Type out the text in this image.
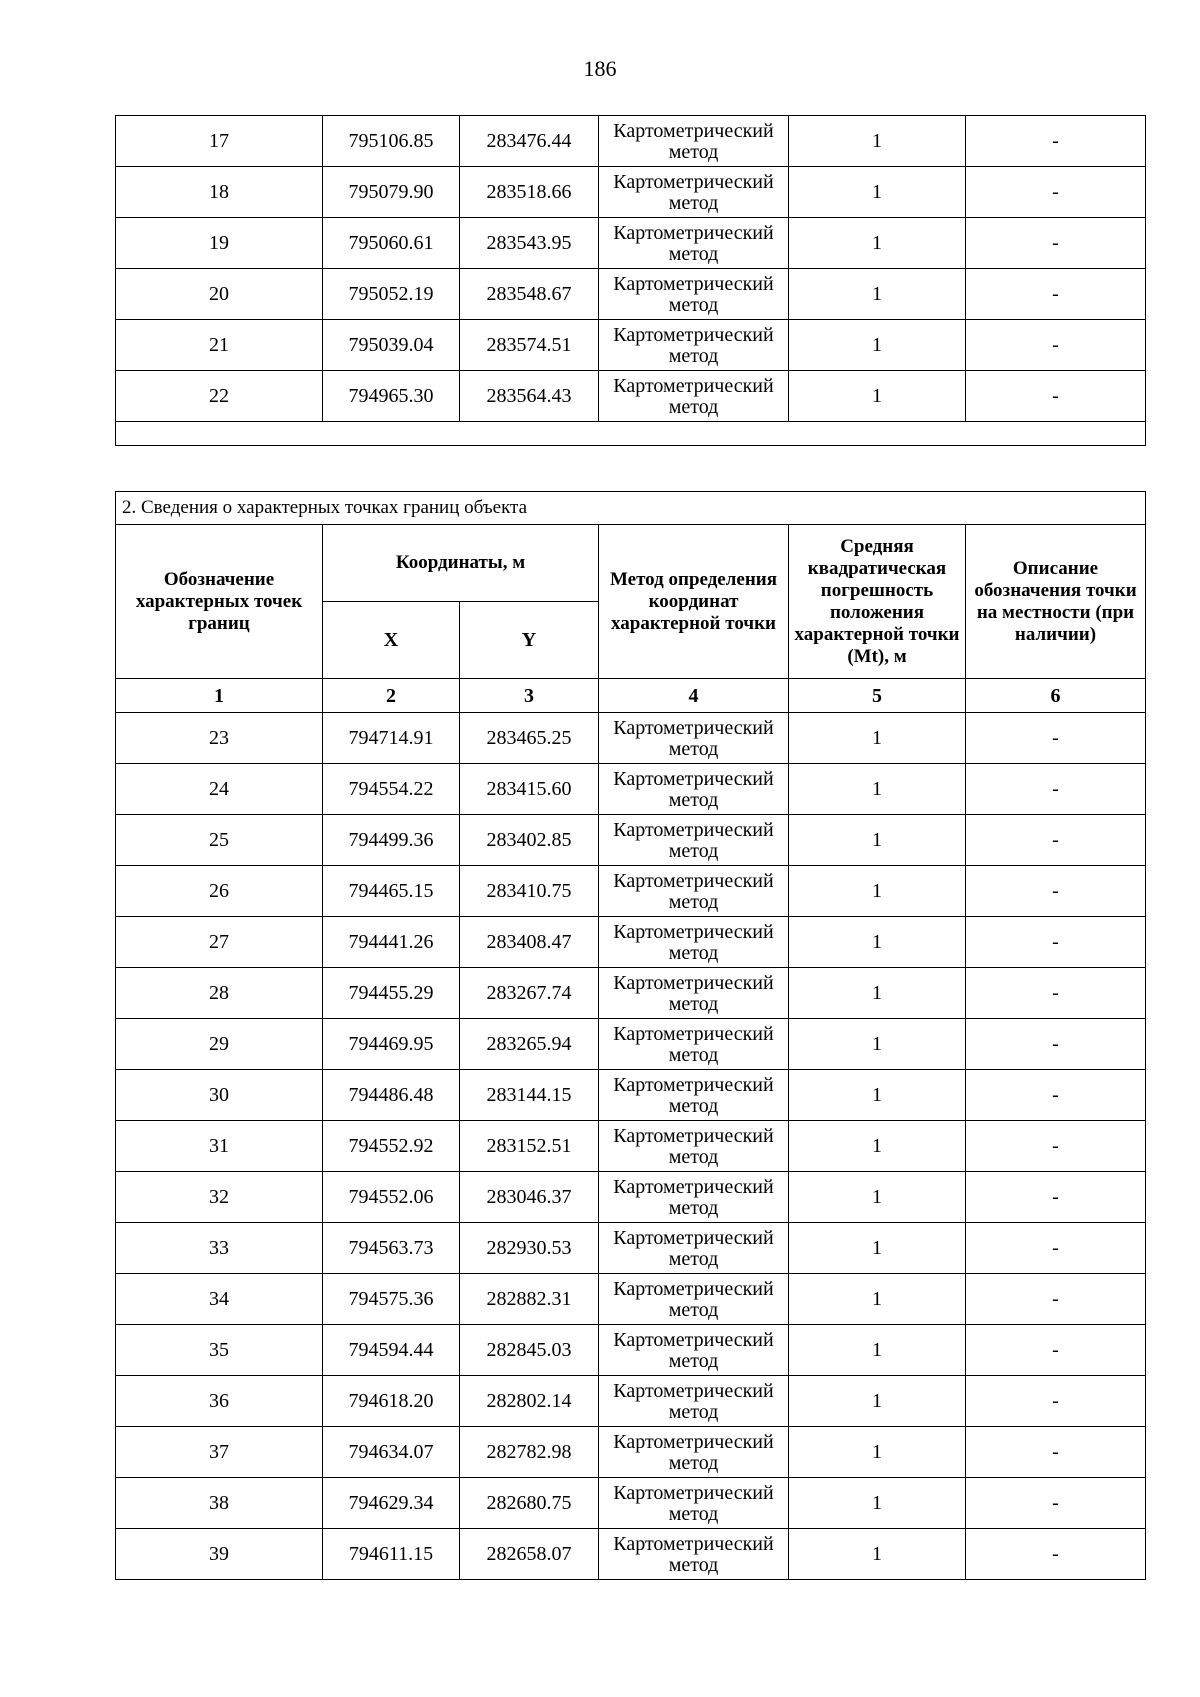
186
17	795106.85	283476.44	Картометрический метод	1	-
18	795079.90	283518.66	Картометрический метод	1	-
19	795060.61	283543.95	Картометрический метод	1	-
20	795052.19	283548.67	Картометрический метод	1	-
21	795039.04	283574.51	Картометрический метод	1	-
22	794965.30	283564.43	Картометрический метод	1	-

2. Сведения о характерных точках границ объекта					
Обозначение характерных точек границ	Координаты, м		Метод определения координат характерной точки	Средняя квадратическая погрешность положения характерной точки (Mt), м	Описание обозначения точки на местности (при наличии)
	X	Y			
1	2	3	4	5	6
23	794714.91	283465.25	Картометрический метод	1	-
24	794554.22	283415.60	Картометрический метод	1	-
25	794499.36	283402.85	Картометрический метод	1	-
26	794465.15	283410.75	Картометрический метод	1	-
27	794441.26	283408.47	Картометрический метод	1	-
28	794455.29	283267.74	Картометрический метод	1	-
29	794469.95	283265.94	Картометрический метод	1	-
30	794486.48	283144.15	Картометрический метод	1	-
31	794552.92	283152.51	Картометрический метод	1	-
32	794552.06	283046.37	Картометрический метод	1	-
33	794563.73	282930.53	Картометрический метод	1	-
34	794575.36	282882.31	Картометрический метод	1	-
35	794594.44	282845.03	Картометрический метод	1	-
36	794618.20	282802.14	Картометрический метод	1	-
37	794634.07	282782.98	Картометрический метод	1	-
38	794629.34	282680.75	Картометрический метод	1	-
39	794611.15	282658.07	Картометрический метод	1	-
